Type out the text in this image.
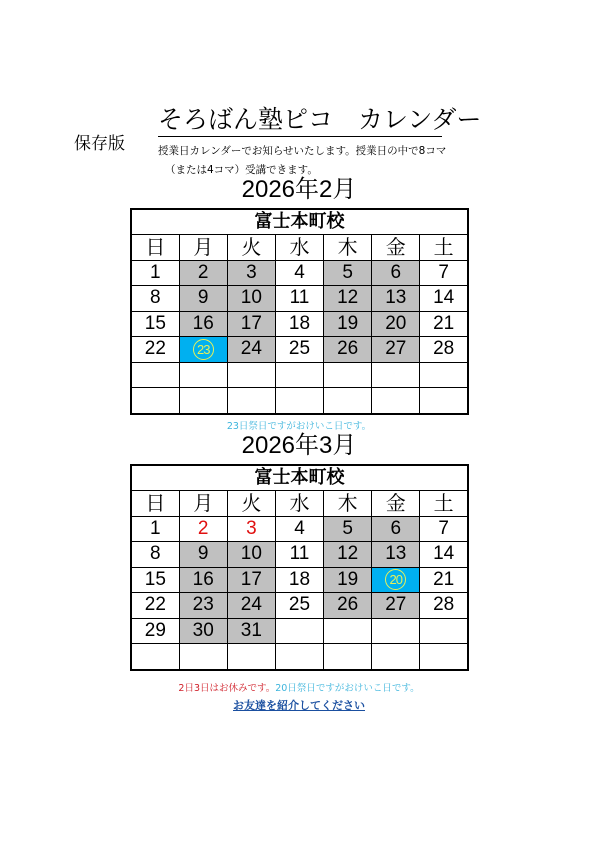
そろばん塾ピコ　カレンダー
保存版	授業日カレンダーでお知らせいたします。授業日の中で8コマ
（または4コマ）受講できます。
2026年2月
富士本町校						
日	月	火	水	木	金	土
1	2	3	4	5	6	7
8	9	10	11	12	13	14
15	16	17	18	19	20	21
22	23	24	25	26	27	28

23日祭日ですがおけいこ日です。
2026年3月
富士本町校						
日	月	火	水	木	金	土
1	2	3	4	5	6	7
8	9	10	11	12	13	14
15	16	17	18	19	20	21
22	23	24	25	26	27	28
29	30	31				

2日3日はお休みです。20日祭日ですがおけいこ日です。
お友達を紹介してください
